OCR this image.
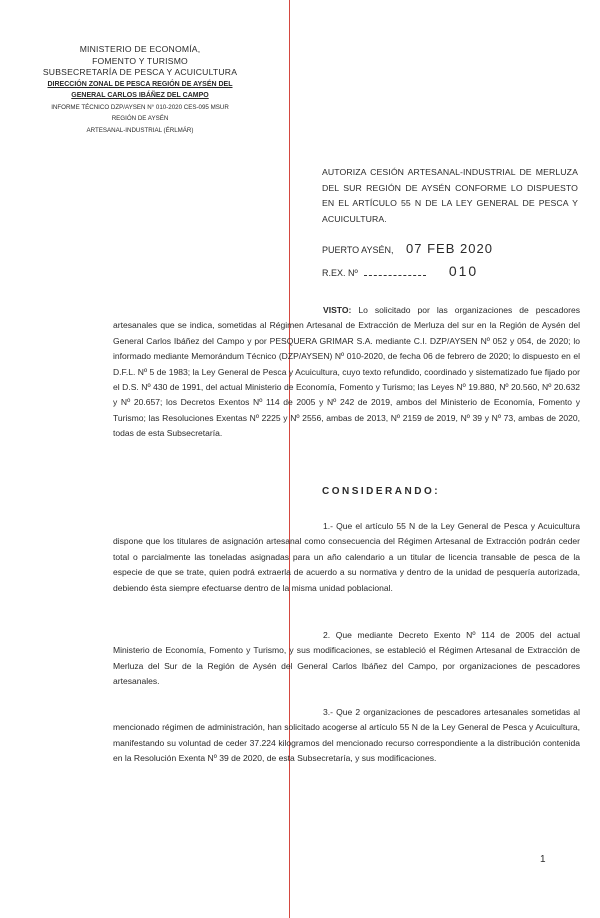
MINISTERIO DE ECONOMÍA,
FOMENTO Y TURISMO
SUBSECRETARÍA DE PESCA Y ACUICULTURA
DIRECCIÓN ZONAL DE PESCA REGIÓN DE AYSÉN DEL
GENERAL CARLOS IBÁÑEZ DEL CAMPO
INFORME TÉCNICO DZP/AYSEN N° 010-2020 CES-095 MSUR
REGIÓN DE AYSÉN
ARTESANAL-INDUSTRIAL (ÉRLMÁR)
AUTORIZA CESIÓN ARTESANAL-INDUSTRIAL DE MERLUZA DEL SUR REGIÓN DE AYSÉN CONFORME LO DISPUESTO EN EL ARTÍCULO 55 N DE LA LEY GENERAL DE PESCA Y ACUICULTURA.
PUERTO AYSÉN, 07 FEB 2020
R.EX. Nº	010
VISTO: Lo solicitado por las organizaciones de pescadores artesanales que se indica, sometidas al Régimen Artesanal de Extracción de Merluza del sur en la Región de Aysén del General Carlos Ibáñez del Campo y por PESQUERA GRIMAR S.A. mediante C.I. DZP/AYSEN Nº 052 y 054, de 2020; lo informado mediante Memorándum Técnico (DZP/AYSEN) Nº 010-2020, de fecha 06 de febrero de 2020; lo dispuesto en el D.F.L. Nº 5 de 1983; la Ley General de Pesca y Acuicultura, cuyo texto refundido, coordinado y sistematizado fue fijado por el D.S. Nº 430 de 1991, del actual Ministerio de Economía, Fomento y Turismo; las Leyes Nº 19.880, Nº 20.560, Nº 20.632 y Nº 20.657; los Decretos Exentos Nº 114 de 2005 y Nº 242 de 2019, ambos del Ministerio de Economía, Fomento y Turismo; las Resoluciones Exentas Nº 2225 y Nº 2556, ambas de 2013, Nº 2159 de 2019, Nº 39 y Nº 73, ambas de 2020, todas de esta Subsecretaría.
CONSIDERANDO:
1.- Que el artículo 55 N de la Ley General de Pesca y Acuicultura dispone que los titulares de asignación artesanal como consecuencia del Régimen Artesanal de Extracción podrán ceder total o parcialmente las toneladas asignadas para un año calendario a un titular de licencia transable de pesca de la especie de que se trate, quien podrá extraerla de acuerdo a su normativa y dentro de la unidad de pesquería autorizada, debiendo ésta siempre efectuarse dentro de la misma unidad poblacional.
2. Que mediante Decreto Exento Nº 114 de 2005 del actual Ministerio de Economía, Fomento y Turismo, y sus modificaciones, se estableció el Régimen Artesanal de Extracción de Merluza del Sur de la Región de Aysén del General Carlos Ibáñez del Campo, por organizaciones de pescadores artesanales.
3.- Que 2 organizaciones de pescadores artesanales sometidas al mencionado régimen de administración, han solicitado acogerse al artículo 55 N de la Ley General de Pesca y Acuicultura, manifestando su voluntad de ceder 37.224 kilogramos del mencionado recurso correspondiente a la distribución contenida en la Resolución Exenta Nº 39 de 2020, de esta Subsecretaría, y sus modificaciones.
1
